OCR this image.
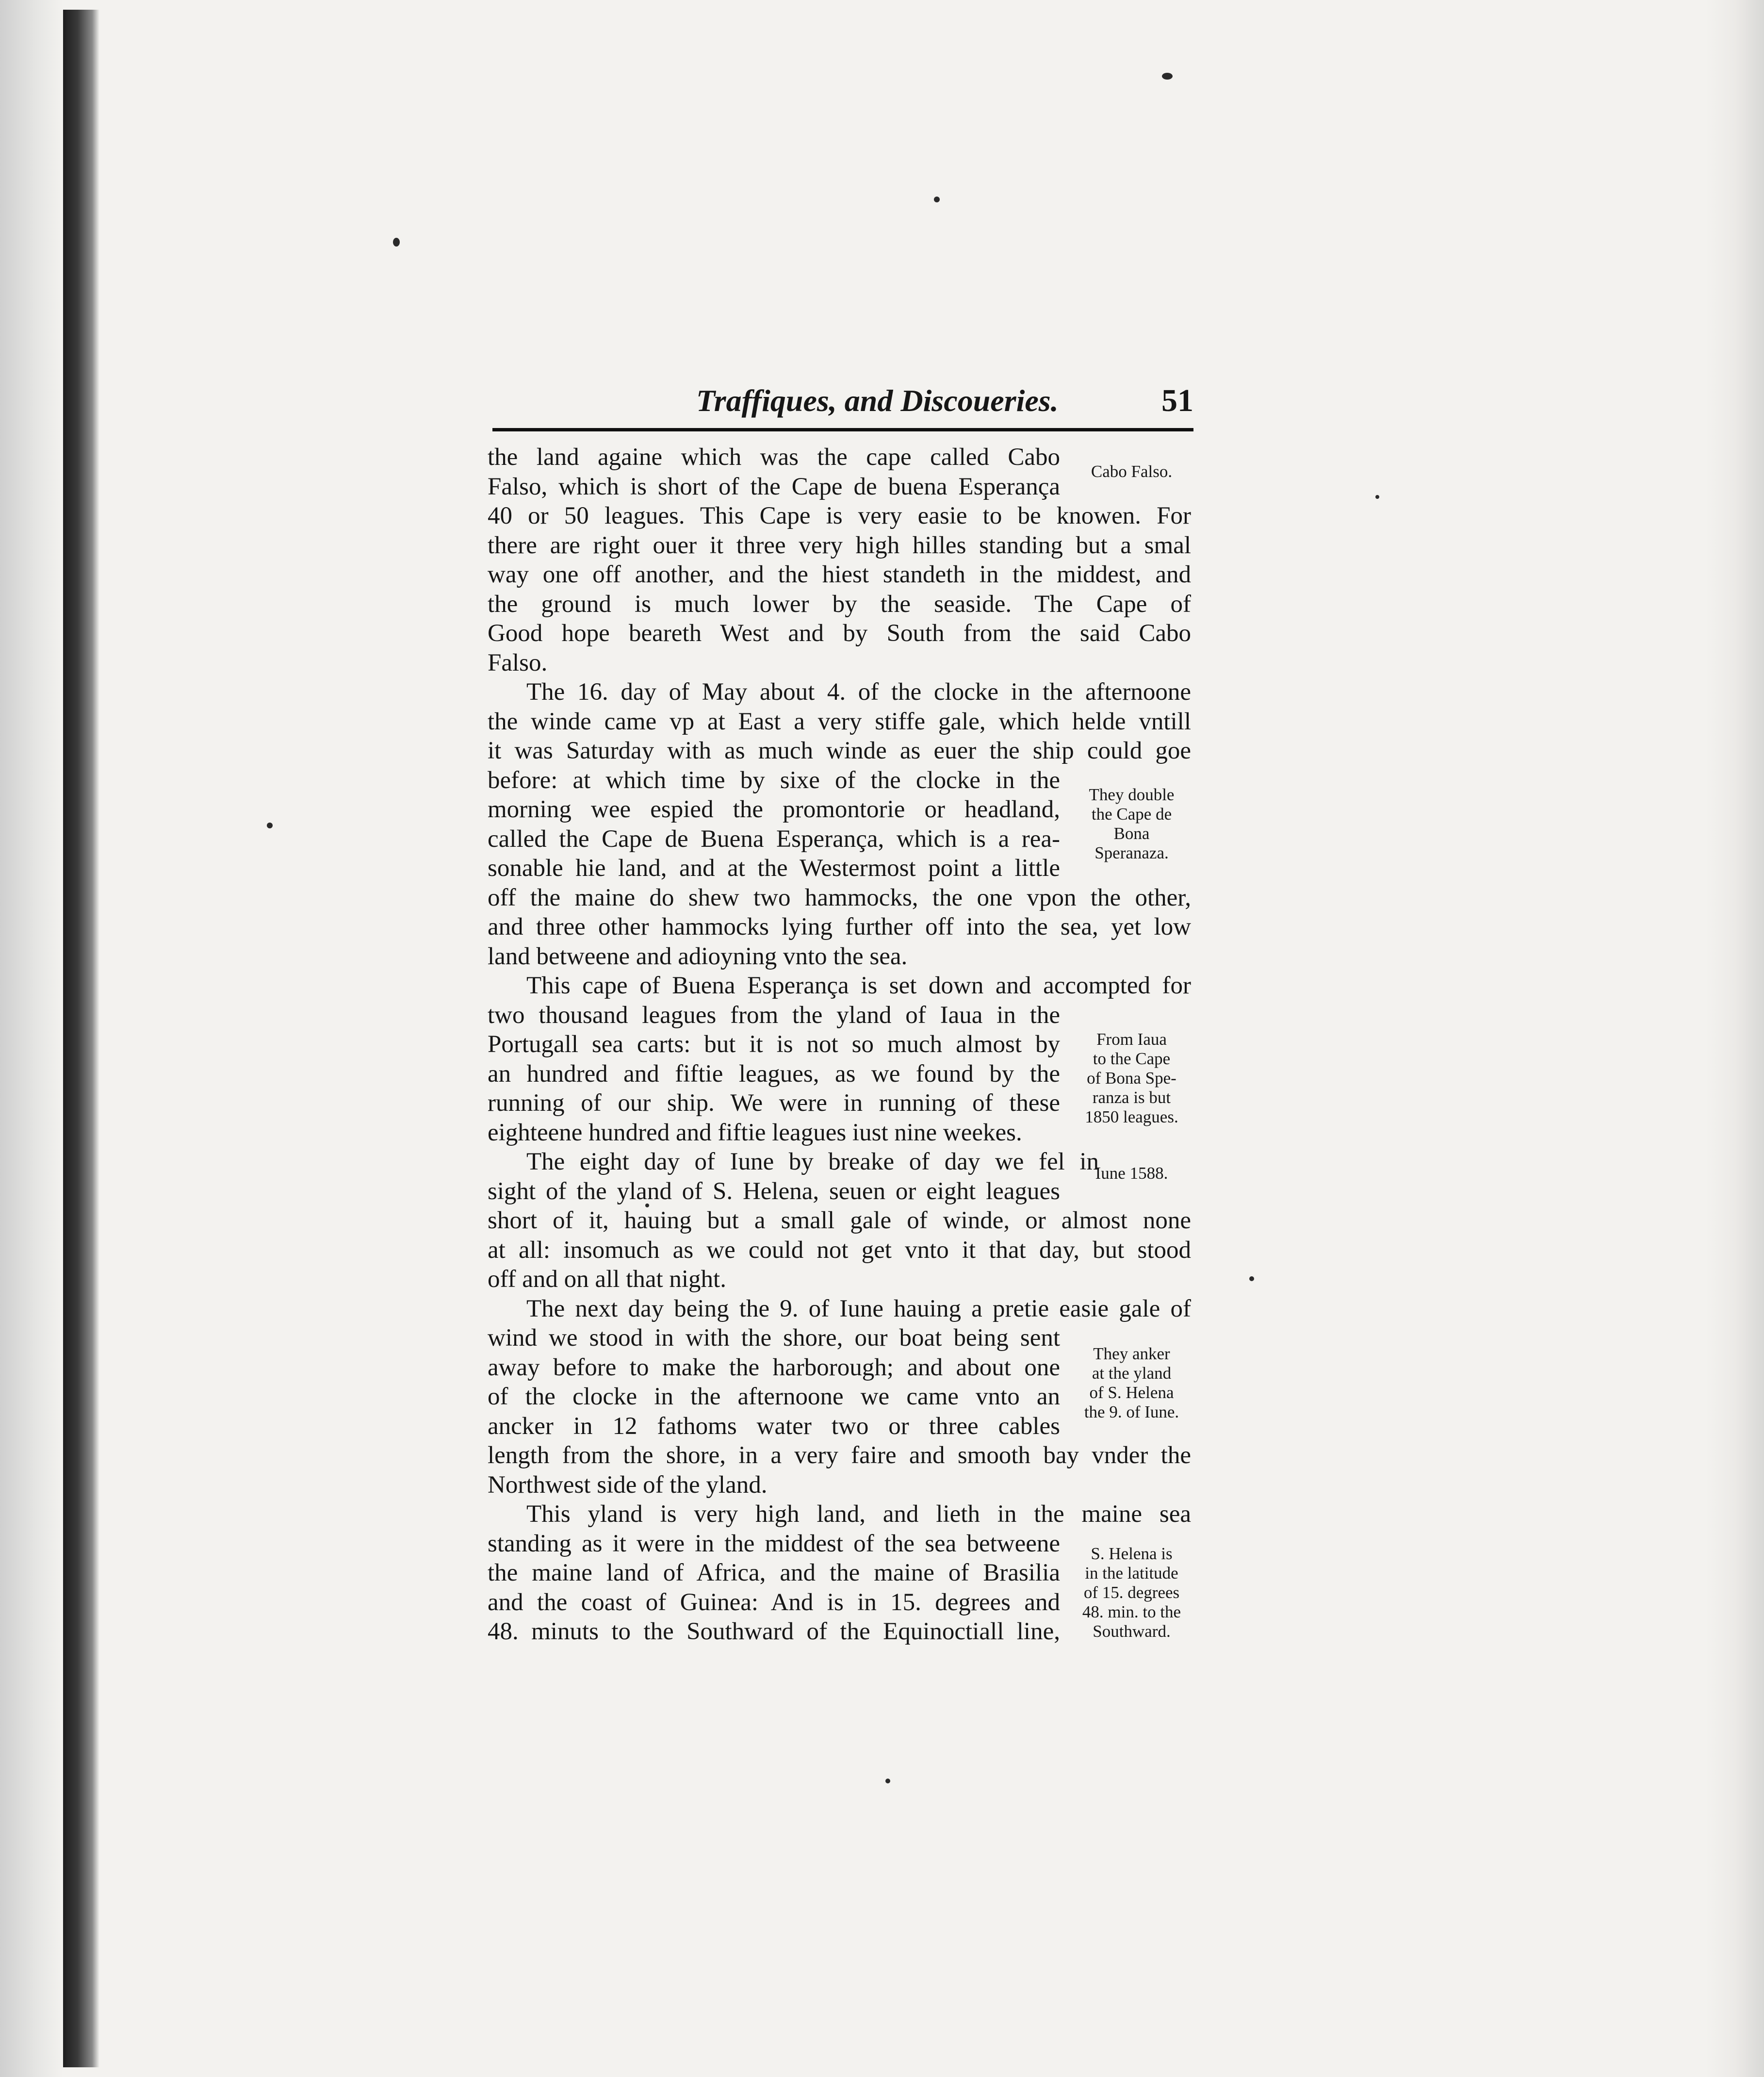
Traffiques, and Discoueries.	51
the land againe which was the cape called Cabo
Falso, which is short of the Cape de buena Esperança
40 or 50 leagues. This Cape is very easie to be knowen. For
there are right ouer it three very high hilles standing but a smal
way one off another, and the hiest standeth in the middest, and
the ground is much lower by the seaside. The Cape of
Good hope beareth West and by South from the said Cabo
Falso.
The 16. day of May about 4. of the clocke in the afternoone
the winde came vp at East a very stiffe gale, which helde vntill
it was Saturday with as much winde as euer the ship could goe
before: at which time by sixe of the clocke in the
morning wee espied the promontorie or headland,
called the Cape de Buena Esperança, which is a rea-
sonable hie land, and at the Westermost point a little
off the maine do shew two hammocks, the one vpon the other,
and three other hammocks lying further off into the sea, yet low
land betweene and adioyning vnto the sea.
This cape of Buena Esperança is set down and accompted for
two thousand leagues from the yland of Iaua in the
Portugall sea carts: but it is not so much almost by
an hundred and fiftie leagues, as we found by the
running of our ship. We were in running of these
eighteene hundred and fiftie leagues iust nine weekes.
The eight day of Iune by breake of day we fel in
sight of the yland of S. Helena, seuen or eight leagues
short of it, hauing but a small gale of winde, or almost none
at all: insomuch as we could not get vnto it that day, but stood
off and on all that night.
The next day being the 9. of Iune hauing a pretie easie gale of
wind we stood in with the shore, our boat being sent
away before to make the harborough; and about one
of the clocke in the afternoone we came vnto an
ancker in 12 fathoms water two or three cables
length from the shore, in a very faire and smooth bay vnder the
Northwest side of the yland.
This yland is very high land, and lieth in the maine sea
standing as it were in the middest of the sea betweene
the maine land of Africa, and the maine of Brasilia
and the coast of Guinea: And is in 15. degrees and
48. minuts to the Southward of the Equinoctiall line,
Cabo Falso.
They double
the Cape de
Bona
Speranaza.
From Iaua
to the Cape
of Bona Spe-
ranza is but
1850 leagues.
Iune 1588.
They anker
at the yland
of S. Helena
the 9. of Iune.
S. Helena is
in the latitude
of 15. degrees
48. min. to the
Southward.
